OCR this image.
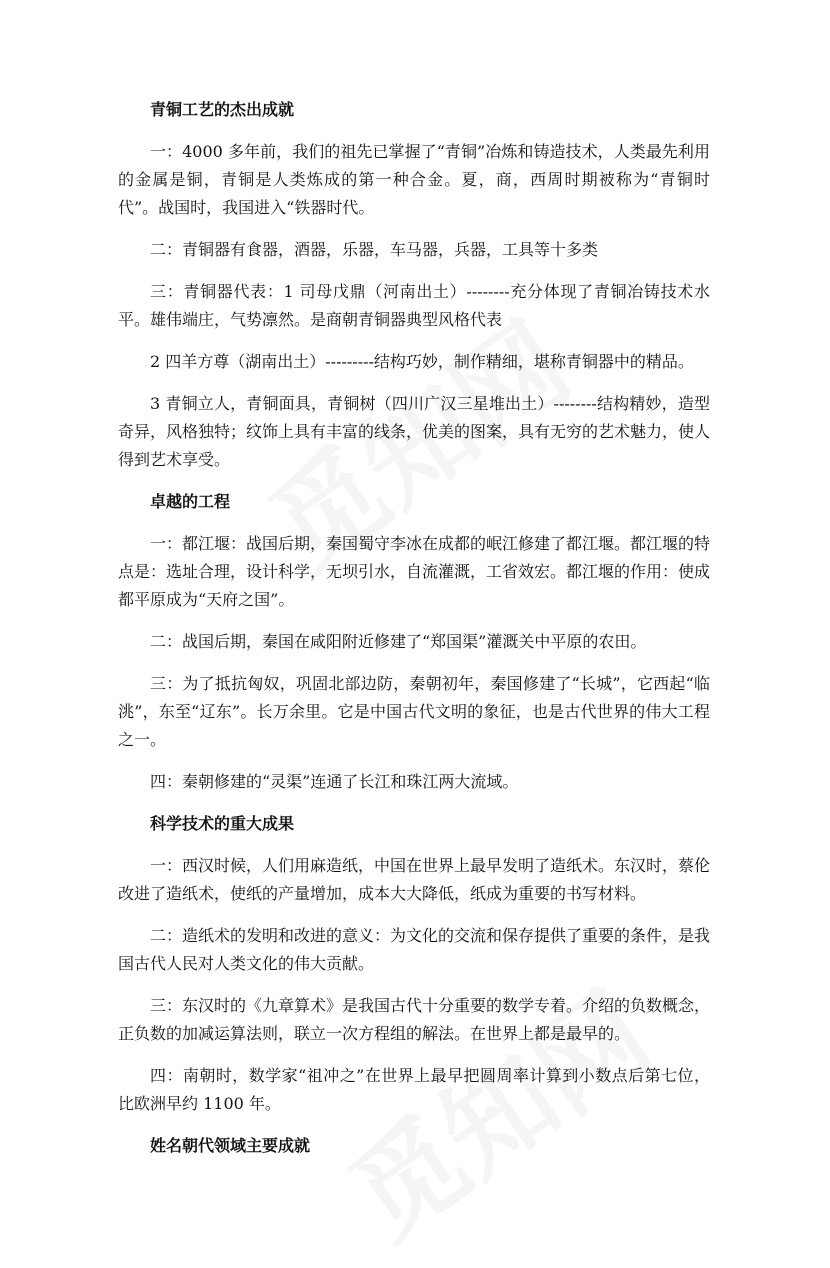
青铜工艺的杰出成就

一：4000 多年前，我们的祖先已掌握了“青铜”冶炼和铸造技术，人类最先利用的金属是铜，青铜是人类炼成的第一种合金。夏，商，西周时期被称为“青铜时代”。战国时，我国进入“铁器时代。

二：青铜器有食器，酒器，乐器，车马器，兵器，工具等十多类

三：青铜器代表：1 司母戊鼎（河南出土）--------充分体现了青铜冶铸技术水平。雄伟端庄，气势凛然。是商朝青铜器典型风格代表

2 四羊方尊（湖南出土）---------结构巧妙，制作精细，堪称青铜器中的精品。

3 青铜立人，青铜面具，青铜树（四川广汉三星堆出土）--------结构精妙，造型奇异，风格独特；纹饰上具有丰富的线条，优美的图案，具有无穷的艺术魅力，使人得到艺术享受。

卓越的工程

一：都江堰：战国后期，秦国蜀守李冰在成都的岷江修建了都江堰。都江堰的特点是：选址合理，设计科学，无坝引水，自流灌溉，工省效宏。都江堰的作用：使成都平原成为“天府之国”。

二：战国后期，秦国在咸阳附近修建了“郑国渠”灌溉关中平原的农田。

三：为了抵抗匈奴，巩固北部边防，秦朝初年，秦国修建了“长城”，它西起“临洮”，东至“辽东”。长万余里。它是中国古代文明的象征，也是古代世界的伟大工程之一。

四：秦朝修建的“灵渠”连通了长江和珠江两大流域。

科学技术的重大成果

一：西汉时候，人们用麻造纸，中国在世界上最早发明了造纸术。东汉时，蔡伦改进了造纸术，使纸的产量增加，成本大大降低，纸成为重要的书写材料。

二：造纸术的发明和改进的意义：为文化的交流和保存提供了重要的条件，是我国古代人民对人类文化的伟大贡献。

三：东汉时的《九章算术》是我国古代十分重要的数学专着。介绍的负数概念，正负数的加减运算法则，联立一次方程组的解法。在世界上都是最早的。

四：南朝时，数学家“祖冲之”在世界上最早把圆周率计算到小数点后第七位，比欧洲早约 1100 年。

姓名朝代领域主要成就
